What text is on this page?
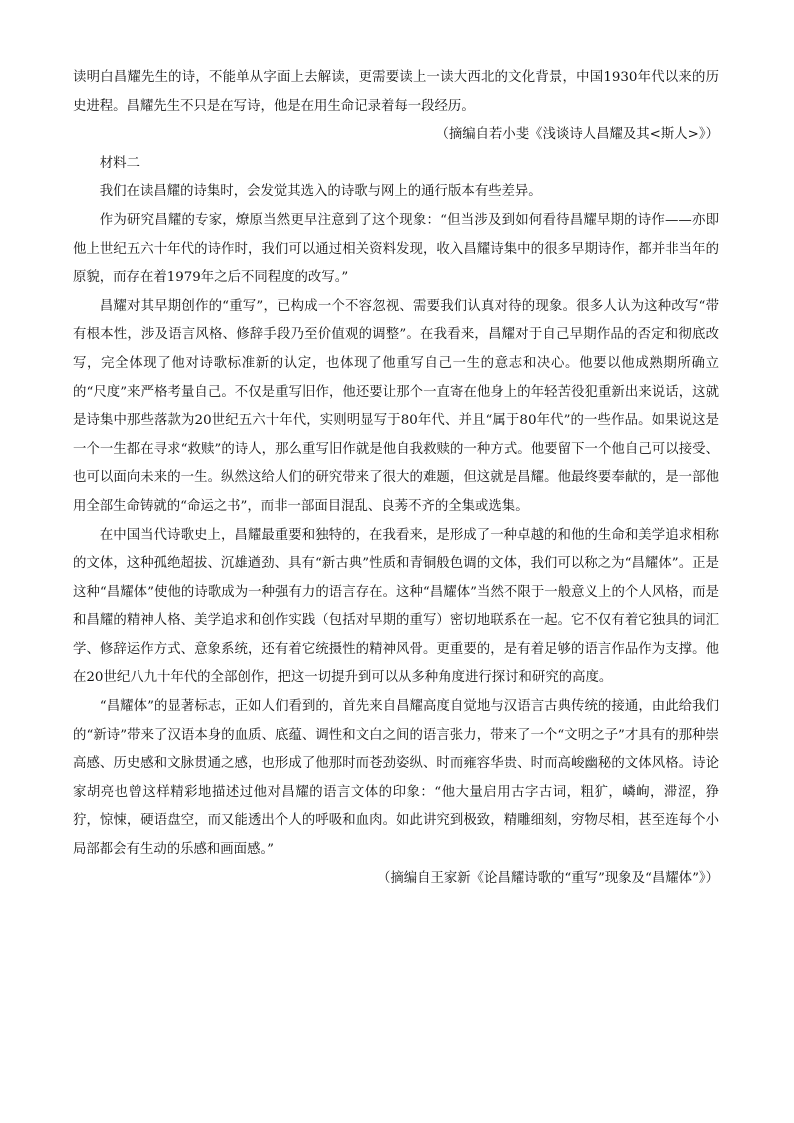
读明白昌耀先生的诗，不能单从字面上去解读，更需要读上一读大西北的文化背景，中国1930年代以来的历史进程。昌耀先生不只是在写诗，他是在用生命记录着每一段经历。

（摘编自若小斐《浅谈诗人昌耀及其<斯人>》）

材料二

我们在读昌耀的诗集时，会发觉其选入的诗歌与网上的通行版本有些差异。

作为研究昌耀的专家，燎原当然更早注意到了这个现象：“但当涉及到如何看待昌耀早期的诗作——亦即他上世纪五六十年代的诗作时，我们可以通过相关资料发现，收入昌耀诗集中的很多早期诗作，都并非当年的原貌，而存在着1979年之后不同程度的改写。”

昌耀对其早期创作的“重写”，已构成一个不容忽视、需要我们认真对待的现象。很多人认为这种改写“带有根本性，涉及语言风格、修辞手段乃至价值观的调整”。在我看来，昌耀对于自己早期作品的否定和彻底改写，完全体现了他对诗歌标准新的认定，也体现了他重写自己一生的意志和决心。他要以他成熟期所确立的“尺度”来严格考量自己。不仅是重写旧作，他还要让那个一直寄在他身上的年轻苦役犯重新出来说话，这就是诗集中那些落款为20世纪五六十年代，实则明显写于80年代、并且“属于80年代”的一些作品。如果说这是一个一生都在寻求“救赎”的诗人，那么重写旧作就是他自我救赎的一种方式。他要留下一个他自己可以接受、也可以面向未来的一生。纵然这给人们的研究带来了很大的难题，但这就是昌耀。他最终要奉献的，是一部他用全部生命铸就的“命运之书”，而非一部面目混乱、良莠不齐的全集或选集。

在中国当代诗歌史上，昌耀最重要和独特的，在我看来，是形成了一种卓越的和他的生命和美学追求相称的文体，这种孤绝超拔、沉雄遒劲、具有“新古典”性质和青铜般色调的文体，我们可以称之为“昌耀体”。正是这种“昌耀体”使他的诗歌成为一种强有力的语言存在。这种“昌耀体”当然不限于一般意义上的个人风格，而是和昌耀的精神人格、美学追求和创作实践（包括对早期的重写）密切地联系在一起。它不仅有着它独具的词汇学、修辞运作方式、意象系统，还有着它统摄性的精神风骨。更重要的，是有着足够的语言作品作为支撑。他在20世纪八九十年代的全部创作，把这一切提升到可以从多种角度进行探讨和研究的高度。

“昌耀体”的显著标志，正如人们看到的，首先来自昌耀高度自觉地与汉语言古典传统的接通，由此给我们的“新诗”带来了汉语本身的血质、底蕴、调性和文白之间的语言张力，带来了一个“文明之子”才具有的那种崇高感、历史感和文脉贯通之感，也形成了他那时而苍劲姿纵、时而雍容华贵、时而高峻幽秘的文体风格。诗论家胡亮也曾这样精彩地描述过他对昌耀的语言文体的印象：“他大量启用古字古词，粗犷，嶙峋，滞涩，狰狞，惊悚，硬语盘空，而又能透出个人的呼吸和血肉。如此讲究到极致，精雕细刻，穷物尽相，甚至连每个小局部都会有生动的乐感和画面感。”

（摘编自王家新《论昌耀诗歌的“重写”现象及“昌耀体”》）
